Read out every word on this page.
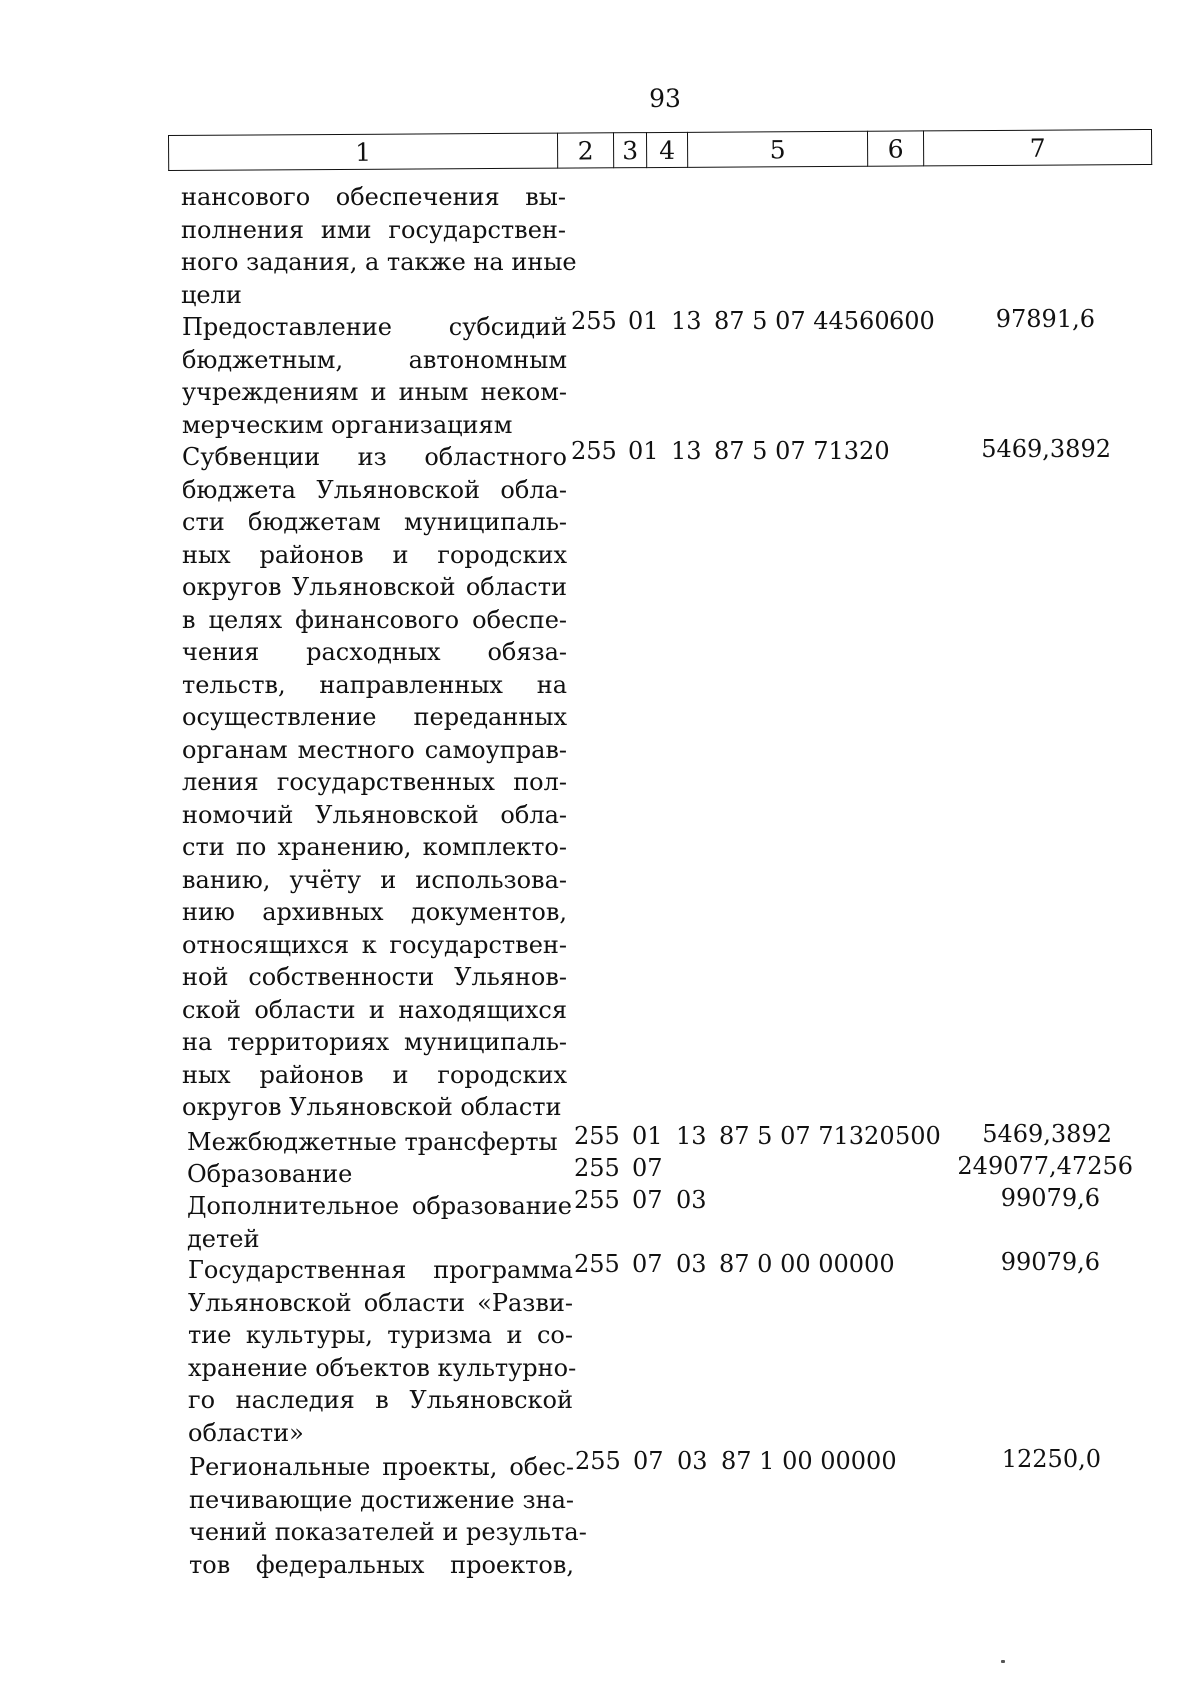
93
1	2	3	4	5	6	7
нансового обеспечения вы-
полнения ими государствен-
ного задания, а также на иные
цели
Предоставление субсидий
бюджетным, автономным
учреждениям и иным неком-
мерческим организациям
255 01 13 87 5 07 44560 600	97891,6
Субвенции из областного
бюджета Ульяновской обла-
сти бюджетам муниципаль-
ных районов и городских
округов Ульяновской области
в целях финансового обеспе-
чения расходных обяза-
тельств, направленных на
осуществление переданных
органам местного самоуправ-
ления государственных пол-
номочий Ульяновской обла-
сти по хранению, комплекто-
ванию, учёту и использова-
нию архивных документов,
относящихся к государствен-
ной собственности Ульянов-
ской области и находящихся
на территориях муниципаль-
ных районов и городских
округов Ульяновской области
255 01 13 87 5 07 71320	5469,3892
Межбюджетные трансферты 255 01 13 87 5 07 71320 500	5469,3892
Образование	255 07	249077,47256
Дополнительное образование
детей
255 07 03	99079,6
Государственная программа
Ульяновской области «Разви-
тие культуры, туризма и со-
хранение объектов культурно-
го наследия в Ульяновской
области»
255 07 03 87 0 00 00000	99079,6
Региональные проекты, обес-
печивающие достижение зна-
чений показателей и результа-
тов федеральных проектов,
255 07 03 87 1 00 00000	12250,0
